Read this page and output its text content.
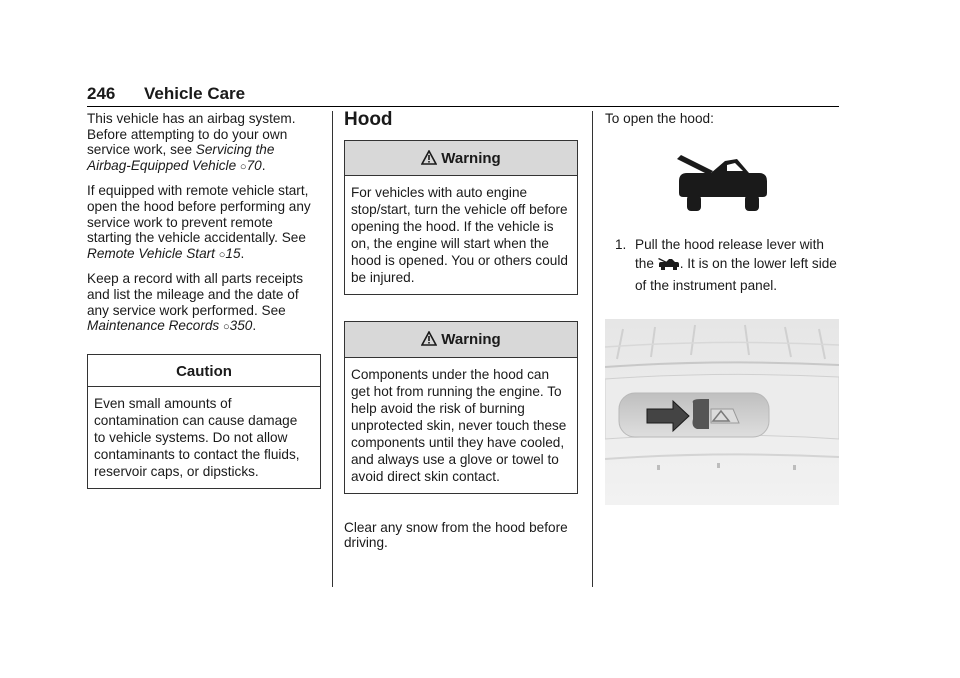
246 Vehicle Care

This vehicle has an airbag system. Before attempting to do your own service work, see Servicing the Airbag-Equipped Vehicle ○70.

If equipped with remote vehicle start, open the hood before performing any service work to prevent remote starting the vehicle accidentally. See Remote Vehicle Start ○15.

Keep a record with all parts receipts and list the mileage and the date of any service work performed. See Maintenance Records ○350.

Caution
Even small amounts of contamination can cause damage to vehicle systems. Do not allow contaminants to contact the fluids, reservoir caps, or dipsticks.
Hood
Warning
For vehicles with auto engine stop/start, turn the vehicle off before opening the hood. If the vehicle is on, the engine will start when the hood is opened. You or others could be injured.
Warning
Components under the hood can get hot from running the engine. To help avoid the risk of burning unprotected skin, never touch these components until they have cooled, and always use a glove or towel to avoid direct skin contact.

Clear any snow from the hood before driving.

To open the hood:

1. Pull the hood release lever with the . It is on the lower left side of the instrument panel.
